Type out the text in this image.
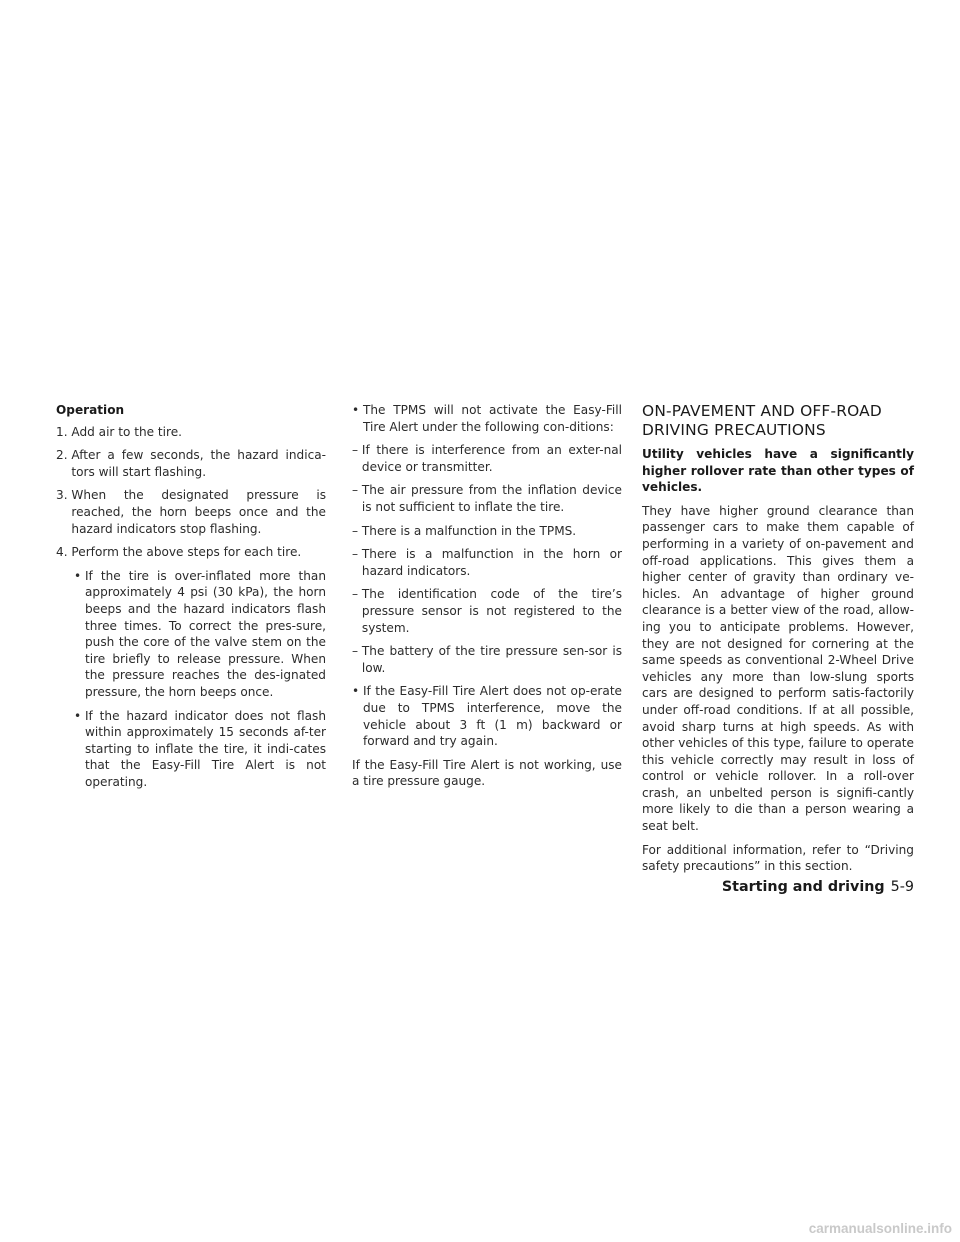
Operation

1.
Add air to the tire.
2.
After a few seconds, the hazard indica-tors will start flashing.
3.
When the designated pressure is reached, the horn beeps once and the hazard indicators stop flashing.
4.
Perform the above steps for each tire.
• If the tire is over-inflated more than approximately 4 psi (30 kPa), the horn beeps and the hazard indicators flash three times. To correct the pres-sure, push the core of the valve stem on the tire briefly to release pressure. When the pressure reaches the des-ignated pressure, the horn beeps once.
• If the hazard indicator does not flash within approximately 15 seconds af-ter starting to inflate the tire, it indi-cates that the Easy-Fill Tire Alert is not operating.
• The TPMS will not activate the Easy-Fill Tire Alert under the following con-ditions:
– If there is interference from an exter-nal device or transmitter.
– The air pressure from the inflation device is not sufficient to inflate the tire.
– There is a malfunction in the TPMS.
– There is a malfunction in the horn or hazard indicators.
– The identification code of the tire’s pressure sensor is not registered to the system.
– The battery of the tire pressure sen-sor is low.
• If the Easy-Fill Tire Alert does not op-erate due to TPMS interference, move the vehicle about 3 ft (1 m) backward or forward and try again.

If the Easy-Fill Tire Alert is not working, use a tire pressure gauge.

ON-PAVEMENT AND OFF-ROAD DRIVING PRECAUTIONS

Utility vehicles have a significantly higher rollover rate than other types of vehicles.

They have higher ground clearance than passenger cars to make them capable of performing in a variety of on-pavement and off-road applications. This gives them a higher center of gravity than ordinary ve-hicles. An advantage of higher ground clearance is a better view of the road, allow-ing you to anticipate problems. However, they are not designed for cornering at the same speeds as conventional 2-Wheel Drive vehicles any more than low-slung sports cars are designed to perform satis-factorily under off-road conditions. If at all possible, avoid sharp turns at high speeds. As with other vehicles of this type, failure to operate this vehicle correctly may result in loss of control or vehicle rollover. In a roll-over crash, an unbelted person is signifi-cantly more likely to die than a person wearing a seat belt.

For additional information, refer to “Driving safety precautions” in this section.

Starting and driving 5-9
carmanualsonline.info
